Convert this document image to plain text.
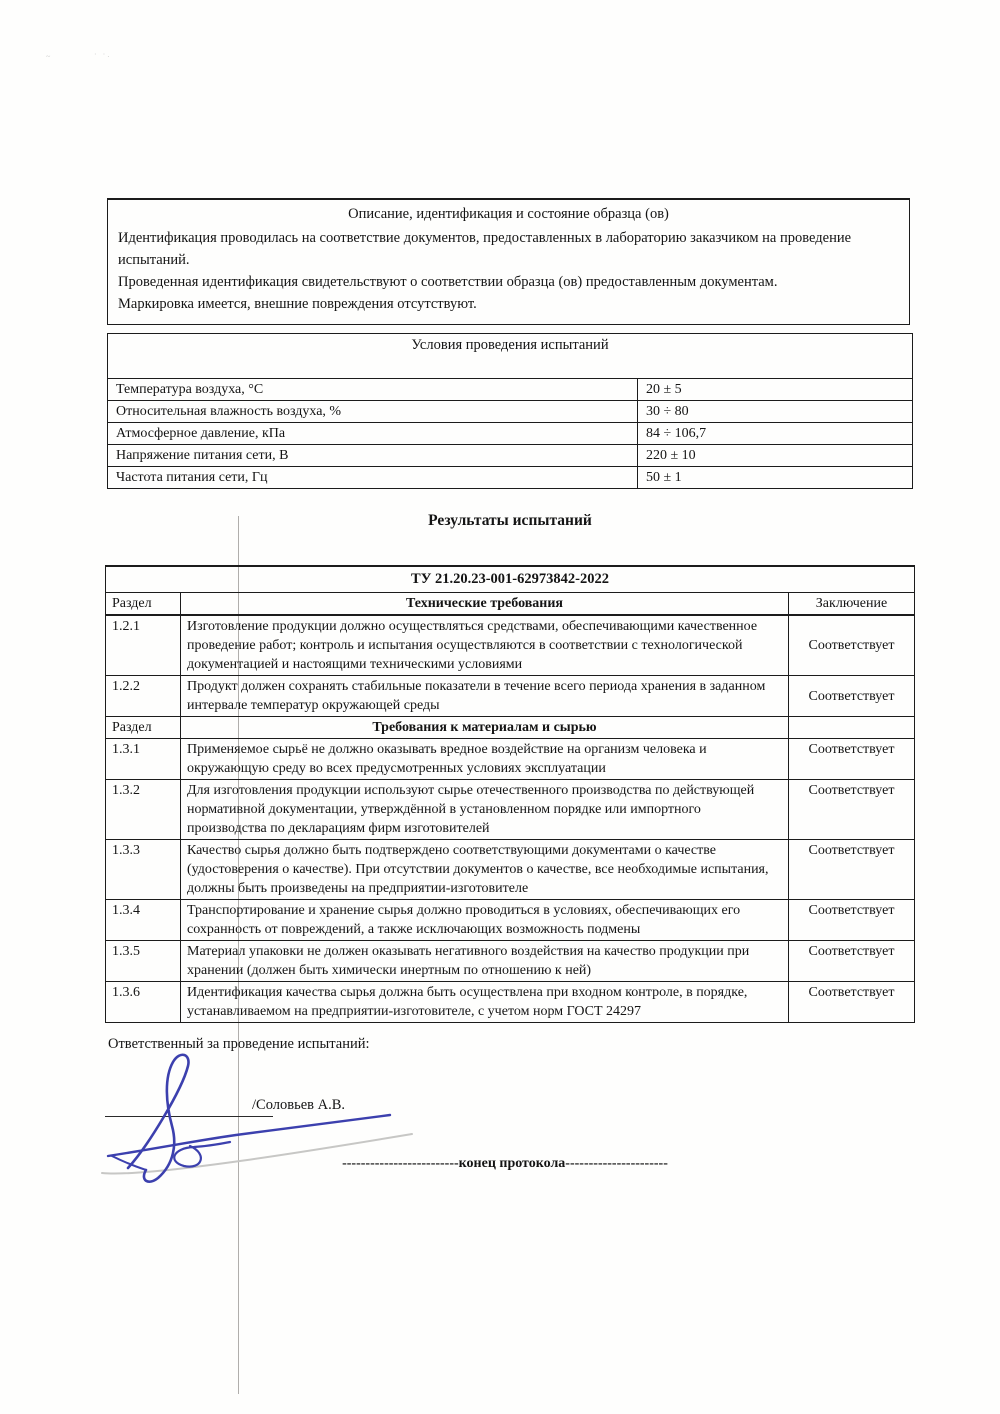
~	· ·.
Описание, идентификация и состояние образца (ов)
Идентификация проводилась на соответствие документов, предоставленных в лабораторию заказчиком на проведение испытаний.
Проведенная идентификация свидетельствуют о соответствии образца (ов) предоставленным документам.
Маркировка имеется, внешние повреждения отсутствуют.
Условия проведения испытаний	
Температура воздуха, °С	20 ± 5
Относительная влажность воздуха, %	30 ÷ 80
Атмосферное давление, кПа	84 ÷ 106,7
Напряжение питания сети, В	220 ± 10
Частота питания сети, Гц	50 ± 1
Результаты испытаний
ТУ 21.20.23-001-62973842-2022		
Раздел	Технические требования	Заключение
1.2.1	Изготовление продукции должно осуществляться средствами, обеспечивающими качественное проведение работ; контроль и испытания осуществляются в соответствии с технологической документацией и настоящими техническими условиями	Соответствует
1.2.2	Продукт должен сохранять стабильные показатели в течение всего периода хранения в заданном интервале температур окружающей среды	Соответствует
Раздел	Требования к материалам и сырью	
1.3.1	Применяемое сырьё не должно оказывать вредное воздействие на организм человека и окружающую среду во всех предусмотренных условиях эксплуатации	Соответствует
1.3.2	Для изготовления продукции используют сырье отечественного производства по действующей нормативной документации, утверждённой в установленном порядке или импортного производства по декларациям фирм изготовителей	Соответствует
1.3.3	Качество сырья должно быть подтверждено соответствующими документами о качестве (удостоверения о качестве). При отсутствии документов о качестве, все необходимые испытания, должны быть произведены на предприятии-изготовителе	Соответствует
1.3.4	Транспортирование и хранение сырья должно проводиться в условиях, обеспечивающих его сохранность от повреждений, а также исключающих возможность подмены	Соответствует
1.3.5	Материал упаковки не должен оказывать негативного воздействия на качество продукции при хранении (должен быть химически инертным по отношению к ней)	Соответствует
1.3.6	Идентификация качества сырья должна быть осуществлена при входном контроле, в порядке, устанавливаемом на предприятии-изготовителе, с учетом норм ГОСТ 24297	Соответствует
Ответственный за проведение испытаний:
/Соловьев А.В.
-------------------------конец протокола----------------------
